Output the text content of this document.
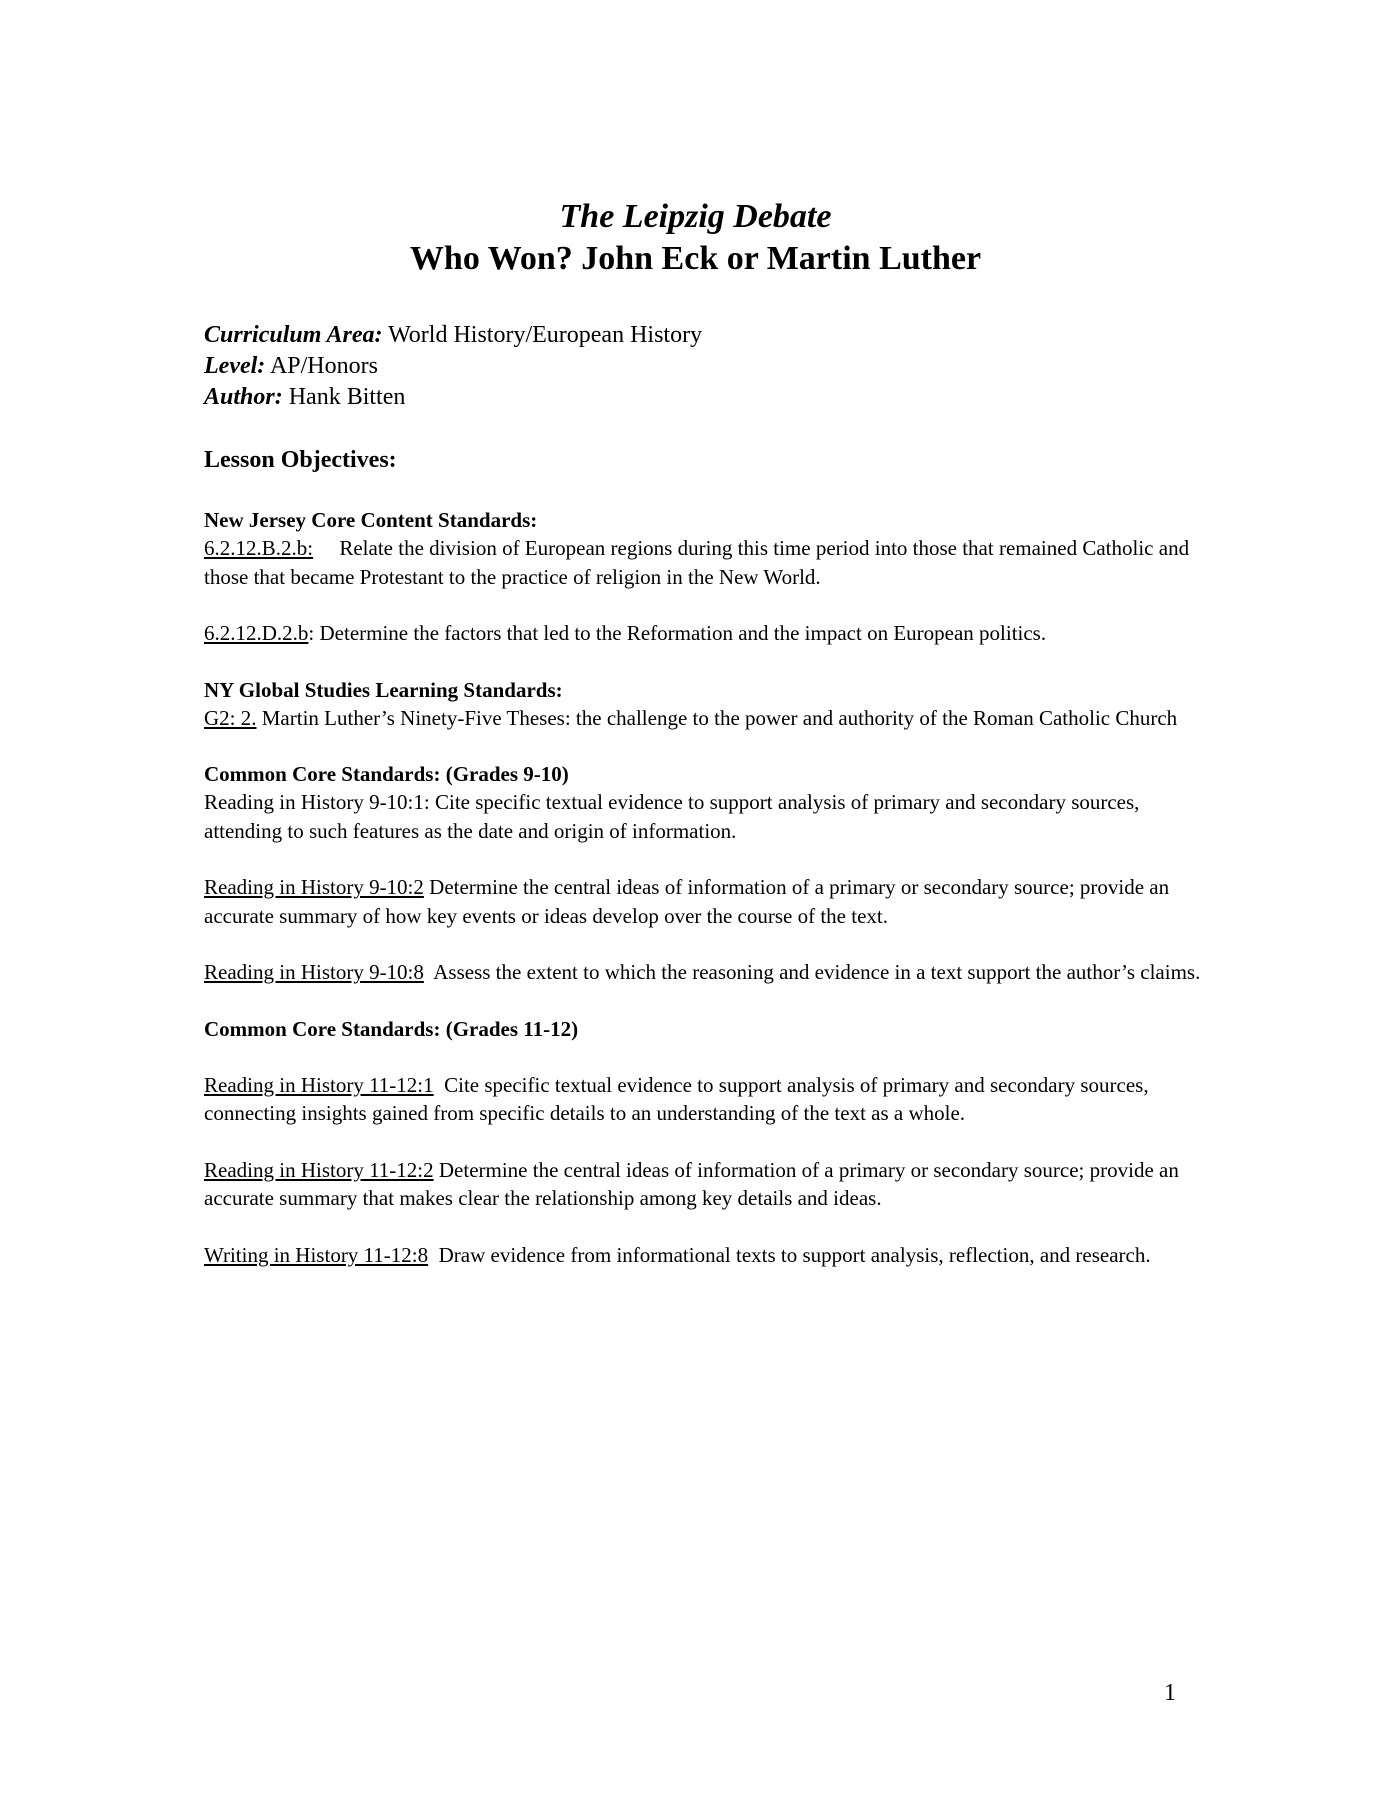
The Leipzig Debate
Who Won? John Eck or Martin Luther
Curriculum Area: World History/European History
Level: AP/Honors
Author: Hank Bitten
Lesson Objectives:
New Jersey Core Content Standards:
6.2.12.B.2.b:     Relate the division of European regions during this time period into those that remained Catholic and those that became Protestant to the practice of religion in the New World.
6.2.12.D.2.b: Determine the factors that led to the Reformation and the impact on European politics.
NY Global Studies Learning Standards:
G2: 2. Martin Luther’s Ninety-Five Theses: the challenge to the power and authority of the Roman Catholic Church
Common Core Standards: (Grades 9-10)
Reading in History 9-10:1: Cite specific textual evidence to support analysis of primary and secondary sources, attending to such features as the date and origin of information.
Reading in History 9-10:2 Determine the central ideas of information of a primary or secondary source; provide an accurate summary of how key events or ideas develop over the course of the text.
Reading in History 9-10:8  Assess the extent to which the reasoning and evidence in a text support the author’s claims.
Common Core Standards: (Grades 11-12)
Reading in History 11-12:1  Cite specific textual evidence to support analysis of primary and secondary sources, connecting insights gained from specific details to an understanding of the text as a whole.
Reading in History 11-12:2 Determine the central ideas of information of a primary or secondary source; provide an accurate summary that makes clear the relationship among key details and ideas.
Writing in History 11-12:8  Draw evidence from informational texts to support analysis, reflection, and research.
1
